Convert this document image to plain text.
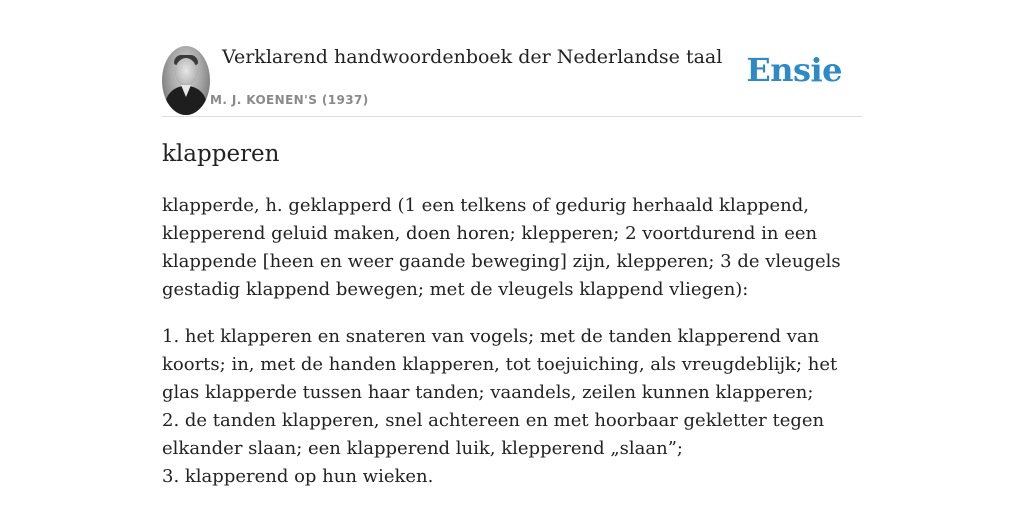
Verklarend handwoordenboek der Nederlandse taal
M. J. KOENEN'S (1937)
Ensie
klapperen

klapperde, h. geklapperd (1 een telkens of gedurig herhaald klappend, klepperend geluid maken, doen horen; klepperen; 2 voortdurend in een klappende [heen en weer gaande beweging] zijn, klepperen; 3 de vleugels gestadig klappend bewegen; met de vleugels klappend vliegen):

1. het klapperen en snateren van vogels; met de tanden klapperend van koorts; in, met de handen klapperen, tot toejuiching, als vreugdeblijk; het glas klapperde tussen haar tanden; vaandels, zeilen kunnen klapperen;
2. de tanden klapperen, snel achtereen en met hoorbaar gekletter tegen elkander slaan; een klapperend luik, klepperend „slaan”;
3. klapperend op hun wieken.
